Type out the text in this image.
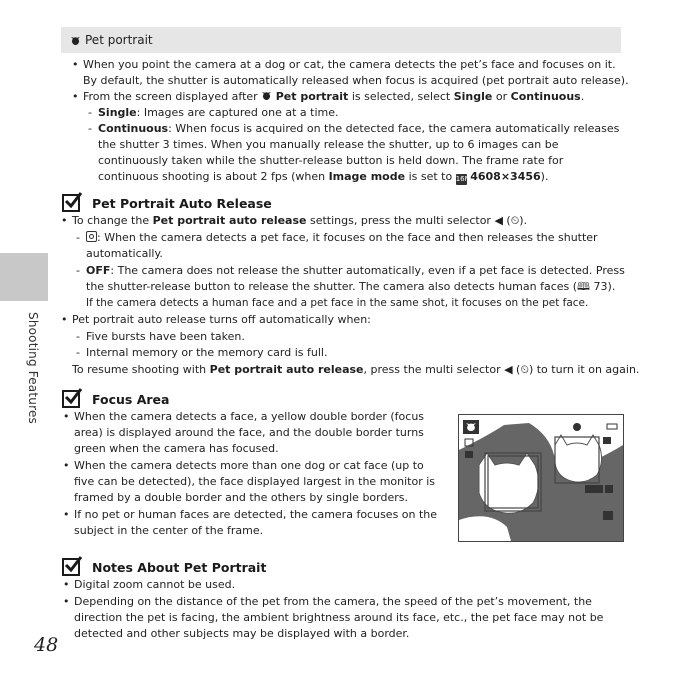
Shooting Features
48
Pet portrait
• When you point the camera at a dog or cat, the camera detects the pet’s face and focuses on it.
By default, the shutter is automatically released when focus is acquired (pet portrait auto release).
• From the screen displayed after Pet portrait is selected, select Single or Continuous.
- Single: Images are captured one at a time.
- Continuous: When focus is acquired on the detected face, the camera automatically releases
the shutter 3 times. When you manually release the shutter, up to 6 images can be
continuously taken while the shutter-release button is held down. The frame rate for
continuous shooting is about 2 fps (when Image mode is set to 16M 4608×3456).
Pet Portrait Auto Release
• To change the Pet portrait auto release settings, press the multi selector ◀ (⏲).
- : When the camera detects a pet face, it focuses on the face and then releases the shutter
automatically.
- OFF: The camera does not release the shutter automatically, even if a pet face is detected. Press
the shutter-release button to release the shutter. The camera also detects human faces (🕮 73).
If the camera detects a human face and a pet face in the same shot, it focuses on the pet face.
• Pet portrait auto release turns off automatically when:
- Five bursts have been taken.
- Internal memory or the memory card is full.
To resume shooting with Pet portrait auto release, press the multi selector ◀ (⏲) to turn it on again.
Focus Area
• When the camera detects a face, a yellow double border (focus
area) is displayed around the face, and the double border turns
green when the camera has focused.
• When the camera detects more than one dog or cat face (up to
five can be detected), the face displayed largest in the monitor is
framed by a double border and the others by single borders.
• If no pet or human faces are detected, the camera focuses on the
subject in the center of the frame.
Notes About Pet Portrait
• Digital zoom cannot be used.
• Depending on the distance of the pet from the camera, the speed of the pet’s movement, the
direction the pet is facing, the ambient brightness around its face, etc., the pet face may not be
detected and other subjects may be displayed with a border.
